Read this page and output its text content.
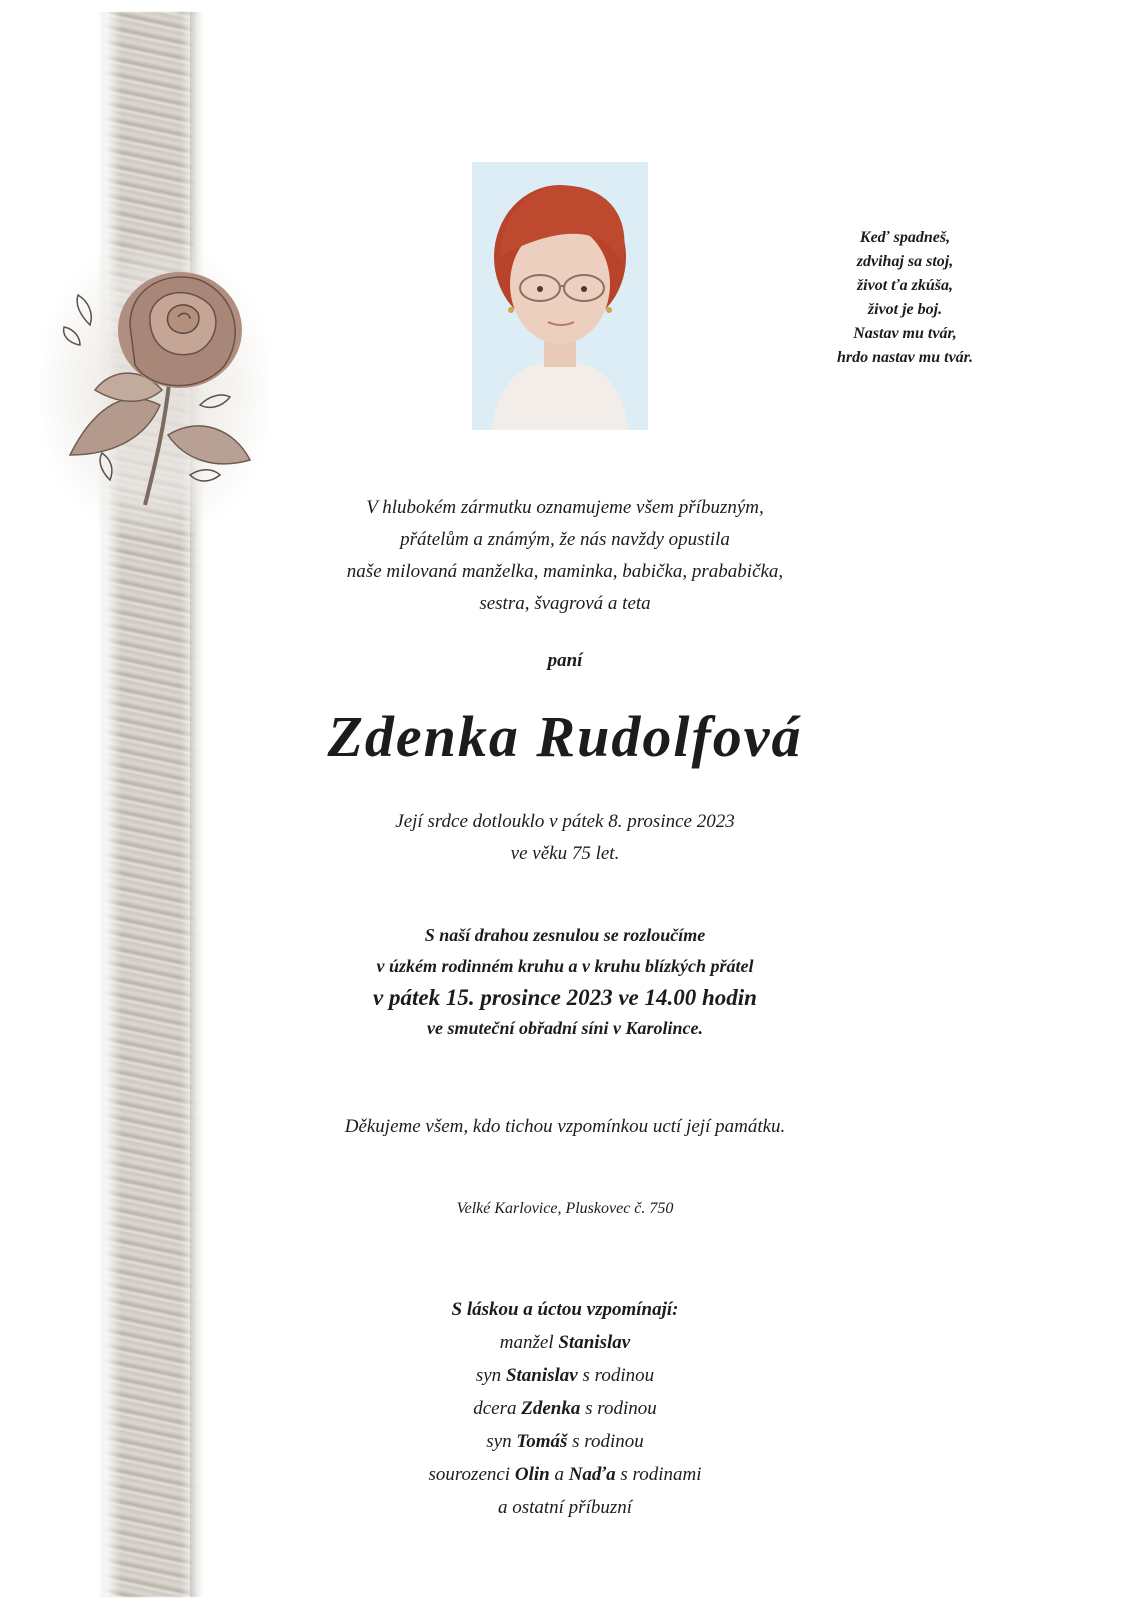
Keď spadneš,
zdvihaj sa stoj,
život ťa zkúša,
život je boj.
Nastav mu tvár,
hrdo nastav mu tvár.
V hlubokém zármutku oznamujeme všem příbuzným,
přátelům a známým, že nás navždy opustila
naše milovaná manželka, maminka, babička, prababička,
sestra, švagrová a teta
paní
Zdenka Rudolfová
Její srdce dotlouklo v pátek 8. prosince 2023
ve věku 75 let.
S naší drahou zesnulou se rozloučíme
v úzkém rodinném kruhu a v kruhu blízkých přátel
v pátek 15. prosince 2023 ve 14.00 hodin
ve smuteční obřadní síni v Karolince.
Děkujeme všem, kdo tichou vzpomínkou uctí její památku.
Velké Karlovice, Pluskovec č. 750
S láskou a úctou vzpomínají:
manžel Stanislav
syn Stanislav s rodinou
dcera Zdenka s rodinou
syn Tomáš s rodinou
sourozenci Olin a Naďa s rodinami
a ostatní příbuzní
